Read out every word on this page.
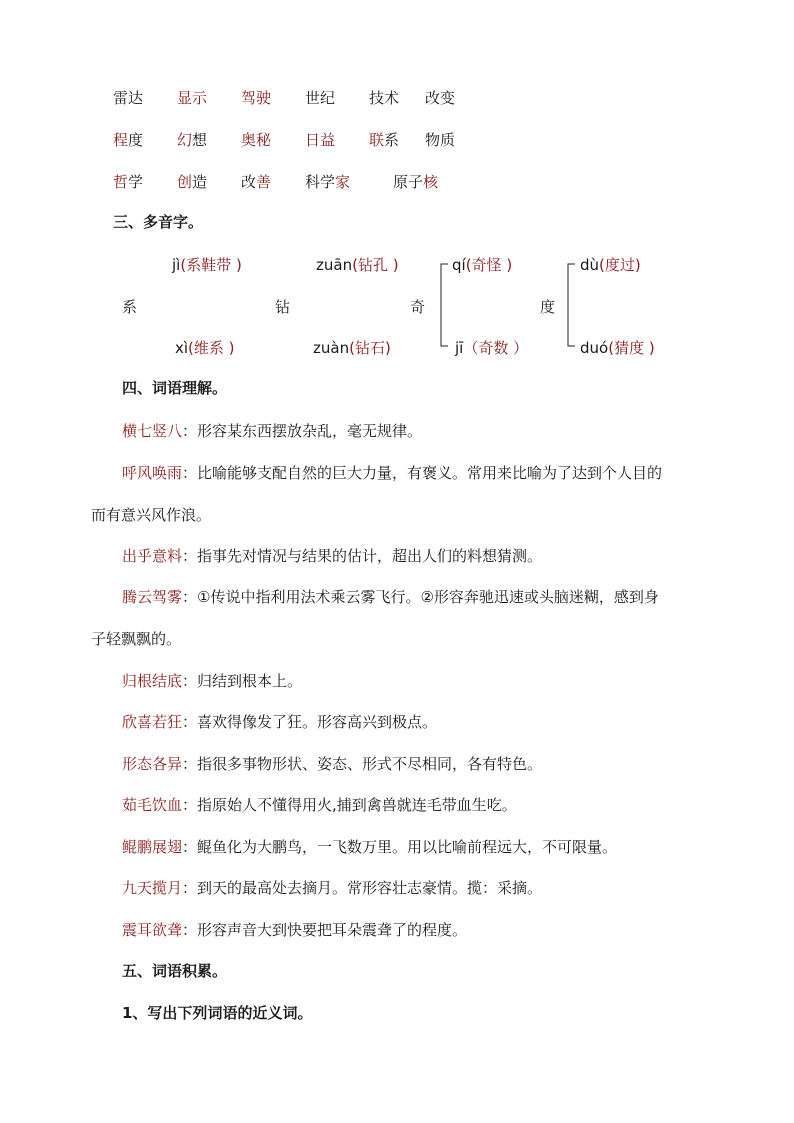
雷达 显示 驾驶 世纪 技术 改变
程度 幻想 奥秘 日益 联系 物质
哲学 创造 改善 科学家	原子核
三、多音字。
jì(系鞋带 )
系
xì(维系 )
zuān(钻孔 )
钻
zuàn(钻石)
qí(奇怪 )
奇
jī（奇数 ）
dù(度过)
度
duó(猜度 )
四、词语理解。
横七竖八：形容某东西摆放杂乱，毫无规律。
呼风唤雨：比喻能够支配自然的巨大力量，有褒义。常用来比喻为了达到个人目的
而有意兴风作浪。
出乎意料：指事先对情况与结果的估计，超出人们的料想猜测。
腾云驾雾：①传说中指利用法术乘云雾飞行。②形容奔驰迅速或头脑迷糊，感到身
子轻飘飘的。
归根结底：归结到根本上。
欣喜若狂：喜欢得像发了狂。形容高兴到极点。
形态各异：指很多事物形状、姿态、形式不尽相同，各有特色。
茹毛饮血：指原始人不懂得用火,捕到禽兽就连毛带血生吃。
鲲鹏展翅：鲲鱼化为大鹏鸟，一飞数万里。用以比喻前程远大，不可限量。
九天揽月：到天的最高处去摘月。常形容壮志豪情。揽：采摘。
震耳欲聋：形容声音大到快要把耳朵震聋了的程度。
五、词语积累。
1、写出下列词语的近义词。
